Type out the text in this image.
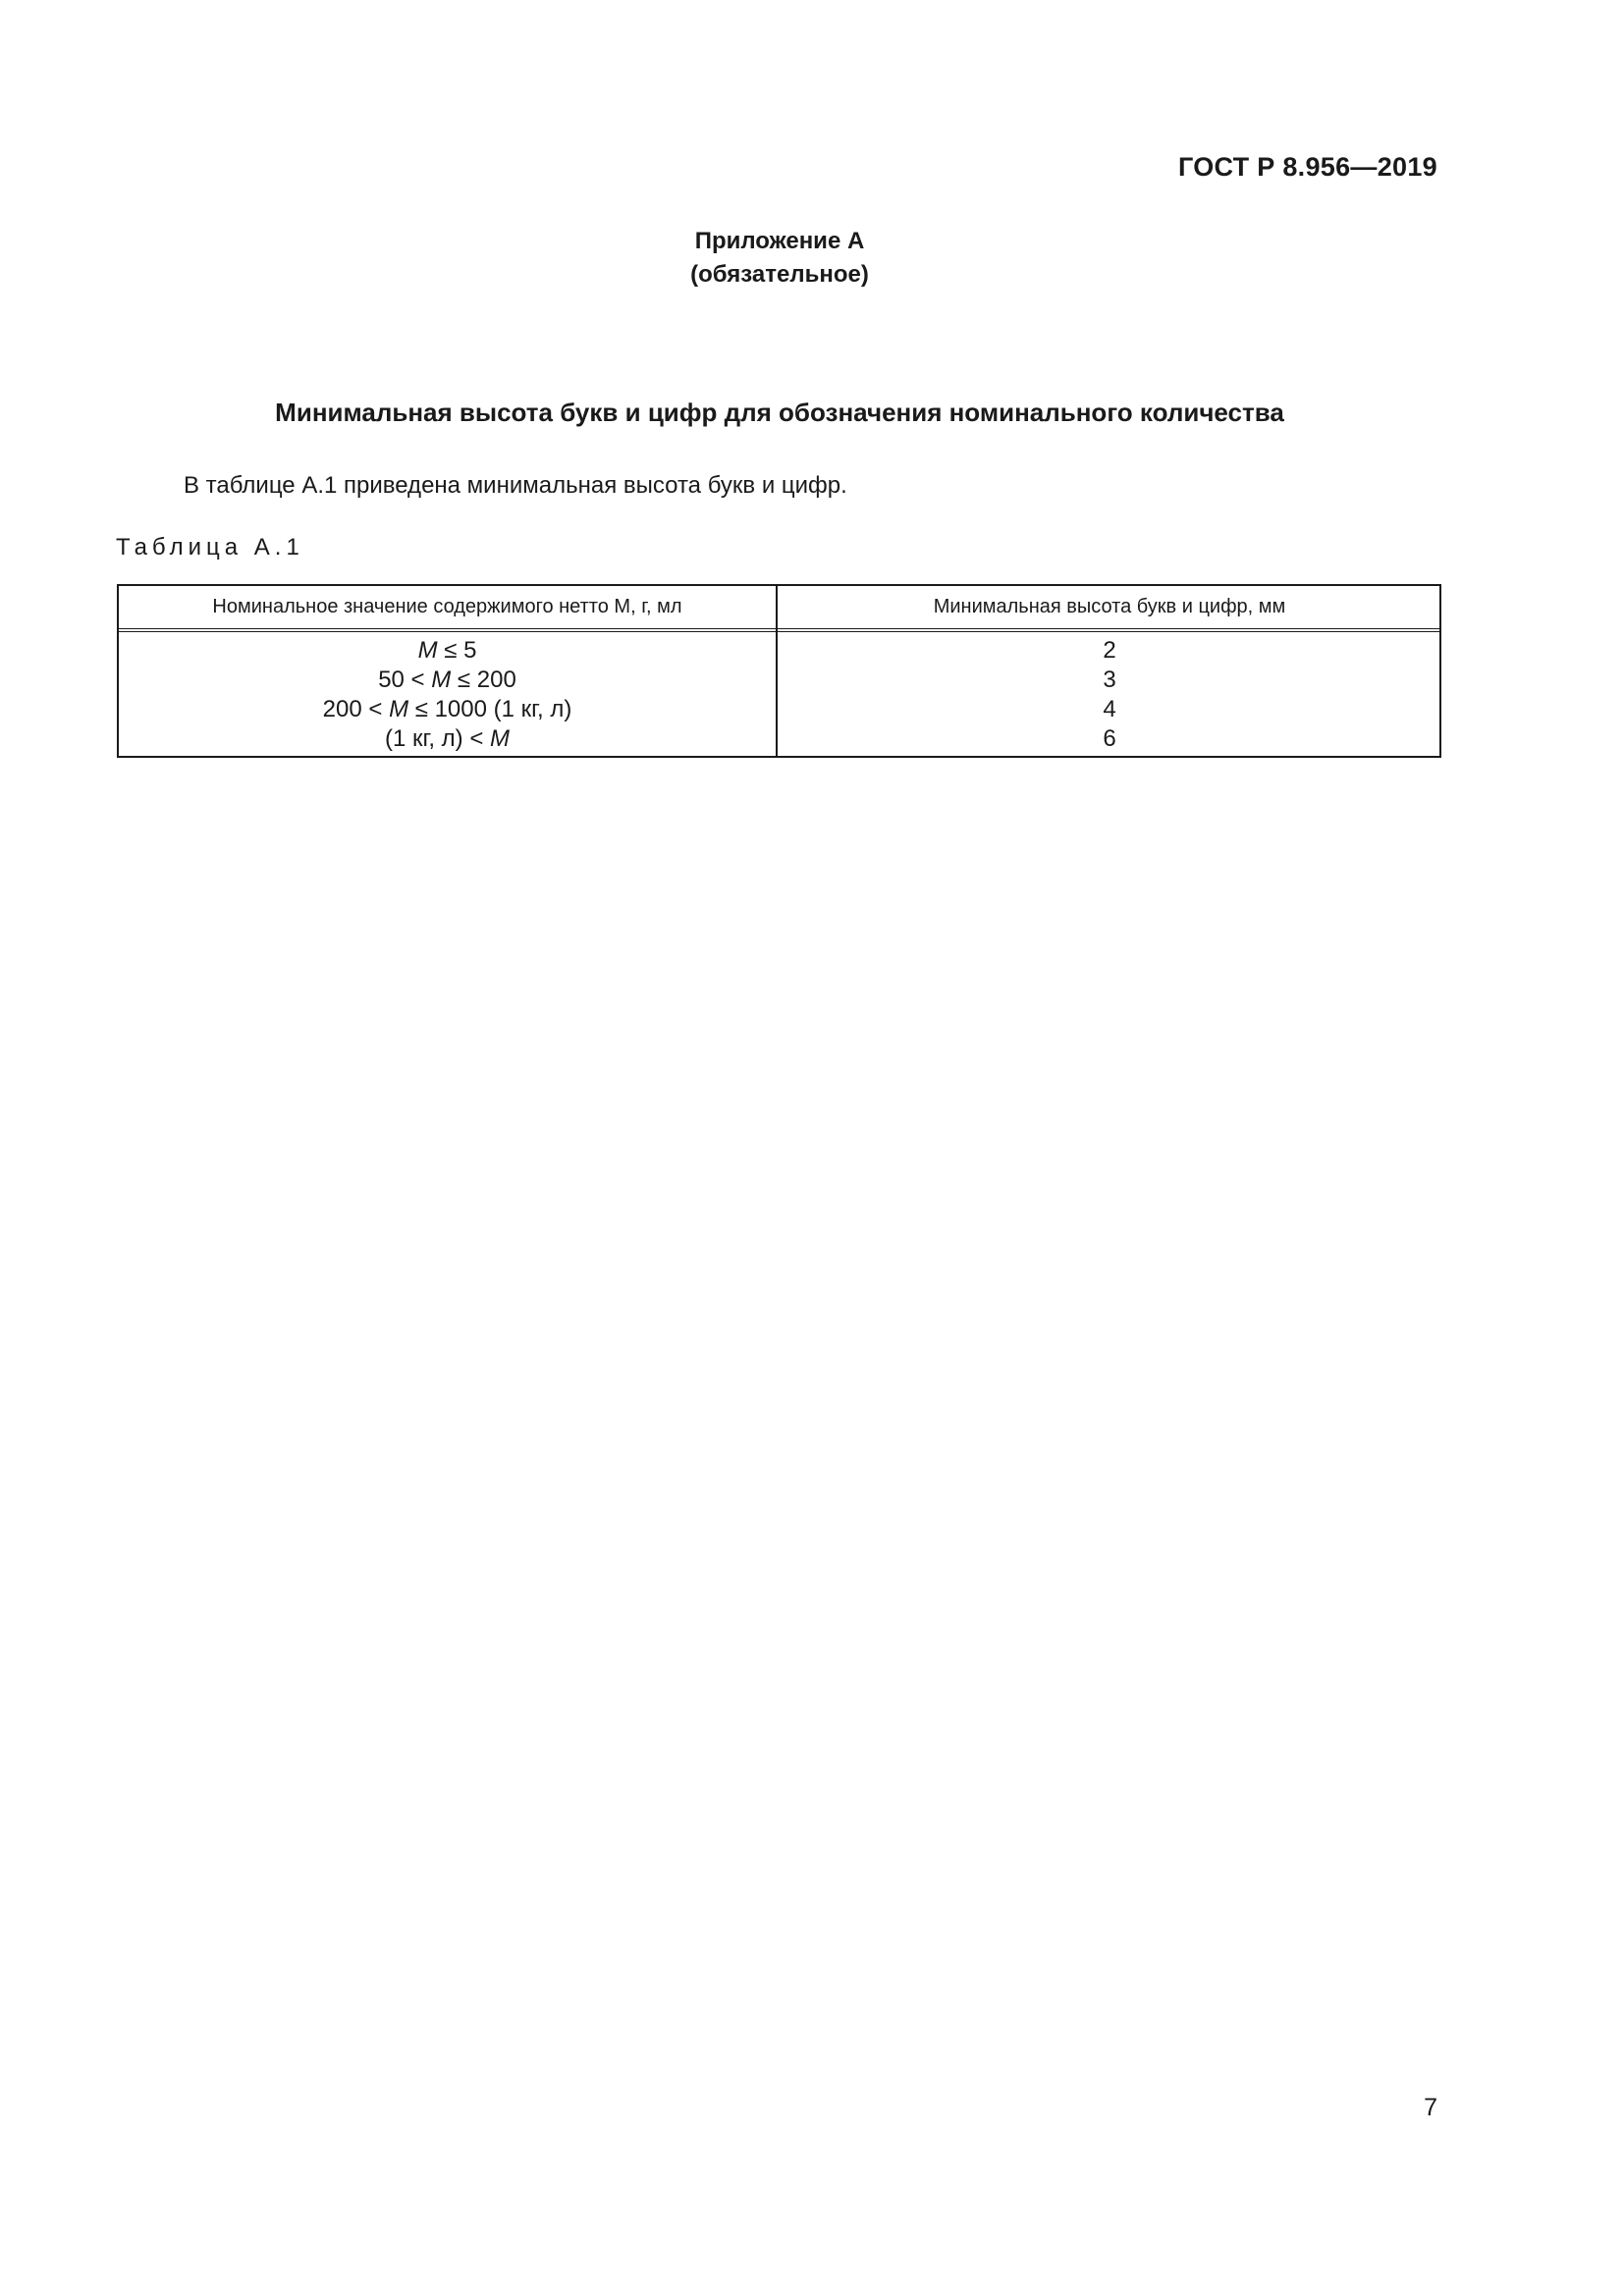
ГОСТ Р 8.956—2019
Приложение А
(обязательное)
Минимальная высота букв и цифр для обозначения номинального количества
В таблице А.1 приведена минимальная высота букв и цифр.
Таблица А.1
Номинальное значение содержимого нетто М, г, мл	Минимальная высота букв и цифр, мм
M ≤ 5	2
50 < M ≤ 200	3
200 < M ≤ 1000 (1 кг, л)	4
(1 кг, л) < M	6
7
